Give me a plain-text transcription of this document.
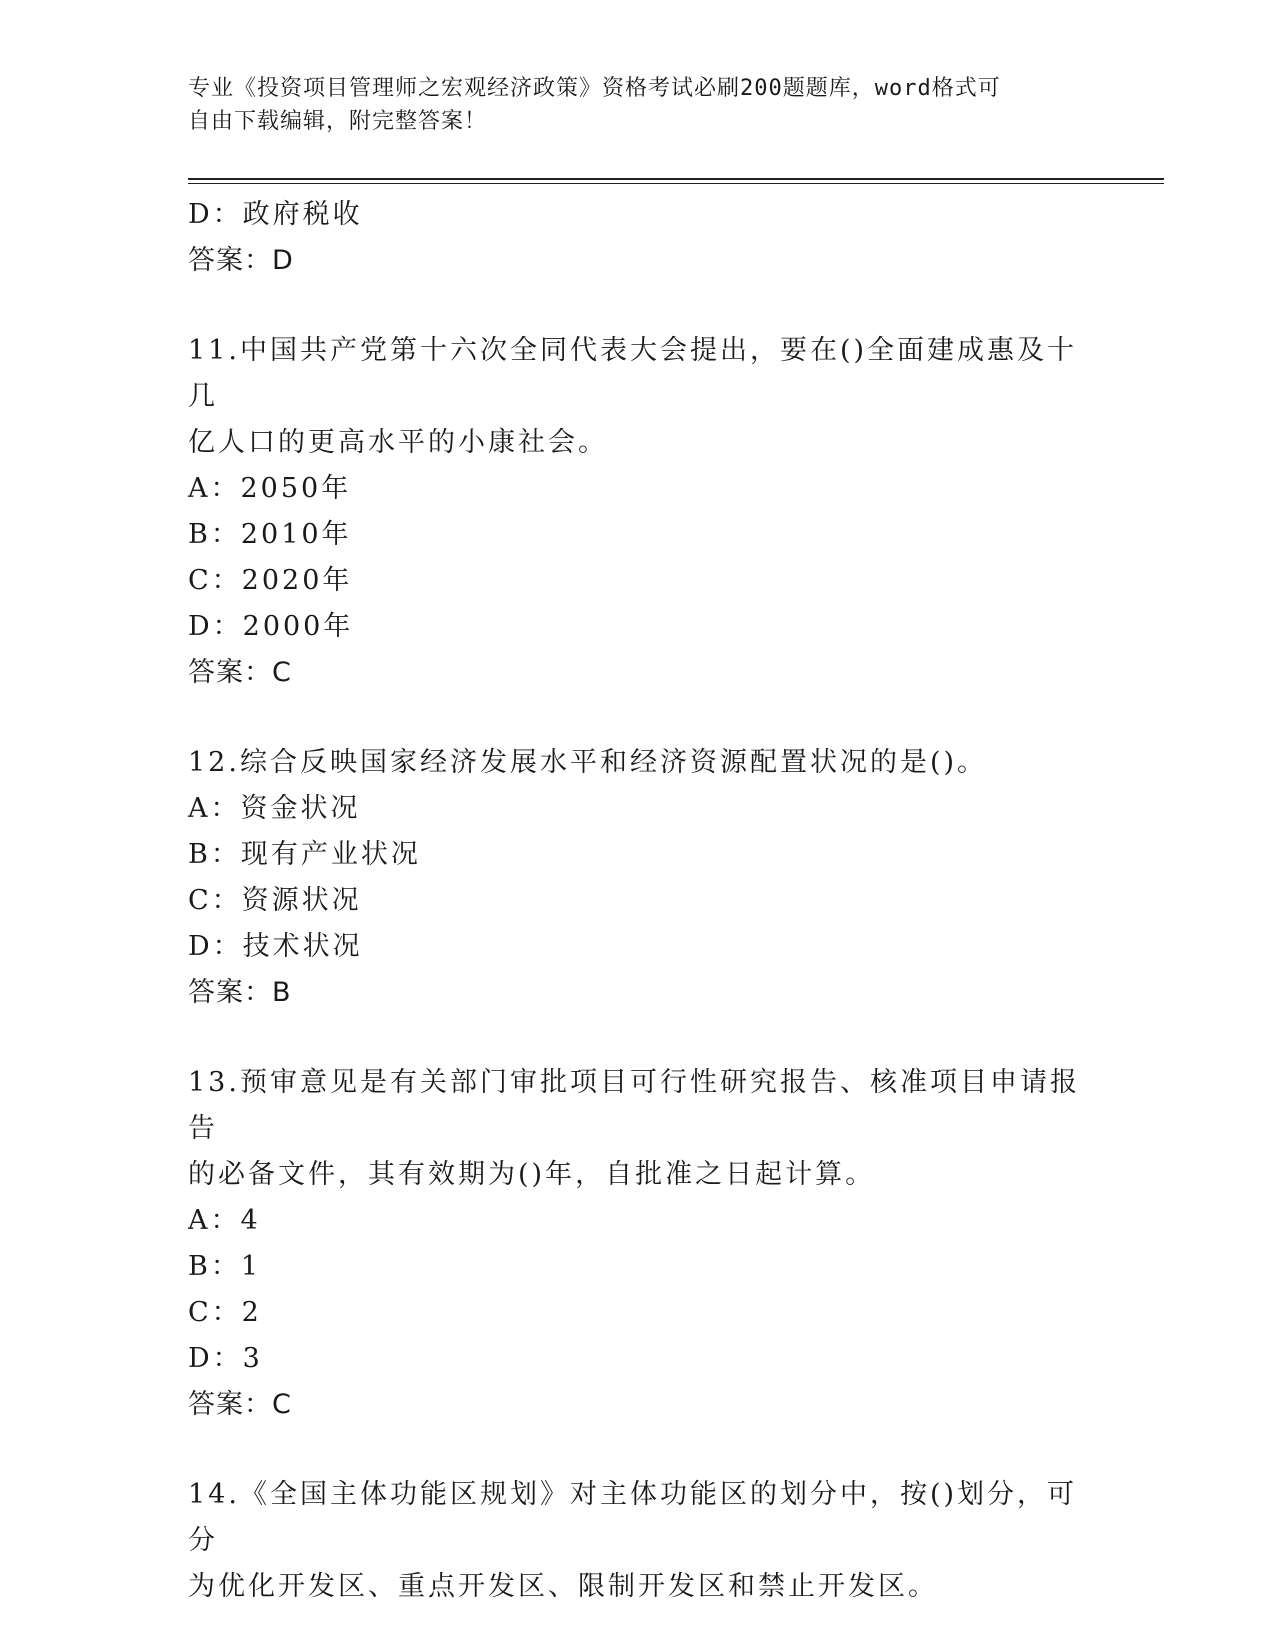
专业《投资项目管理师之宏观经济政策》资格考试必刷200题题库，word格式可
自由下载编辑，附完整答案！
D：政府税收
答案：D
11.中国共产党第十六次全同代表大会提出，要在()全面建成惠及十几
亿人口的更高水平的小康社会。
A：2050年
B：2010年
C：2020年
D：2000年
答案：C
12.综合反映国家经济发展水平和经济资源配置状况的是()。
A：资金状况
B：现有产业状况
C：资源状况
D：技术状况
答案：B
13.预审意见是有关部门审批项目可行性研究报告、核准项目申请报告
的必备文件，其有效期为()年，自批准之日起计算。
A：4
B：1
C：2
D：3
答案：C
14.《全国主体功能区规划》对主体功能区的划分中，按()划分，可分
为优化开发区、重点开发区、限制开发区和禁止开发区。
